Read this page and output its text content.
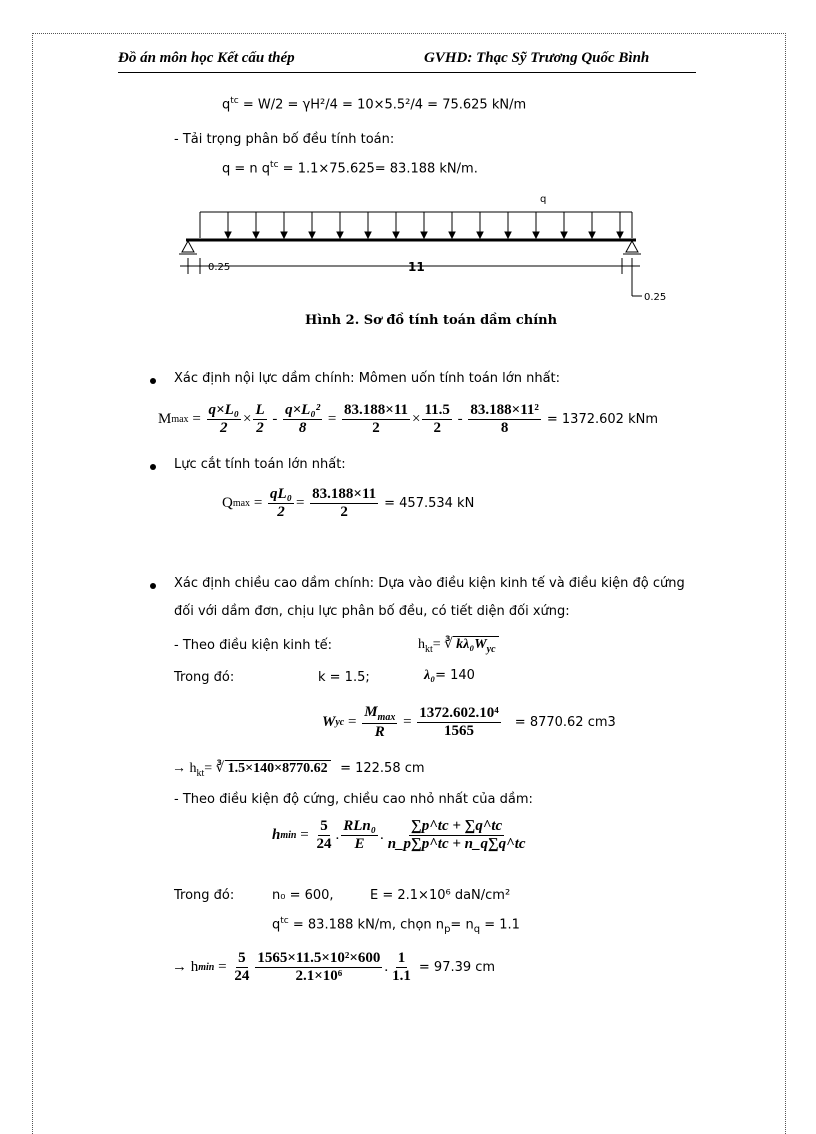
Đồ án môn học Kết cấu thép	GVHD: Thạc Sỹ Trương Quốc Bình
$q^{tc} = W/2 = \gamma H^2/4 = 10\times 5.5^2/4 = 75.625$ kN/m
- Tải trọng phân bố đều tính toán:
q = n $q^{tc} = 1.1\times 75.625= 83.188$ kN/m.
q
0.25	11
0.25
Hình 2. Sơ đồ tính toán dầm chính
Xác định nội lực dầm chính: Mômen uốn tính toán lớn nhất:
M $\max = \frac{\text{q×L₀}}{2} \times \frac{L}{2} - \frac{\text{q×L₀²}}{8} = \frac{83.188\times 11}{2} \times \frac{11.5}{2} - \frac{\text{83.188×11²}}{8} = 1372.602$ kNm
Lực cắt tính toán lớn nhất:
Q $\max = \frac{\text{qL₀}}{2} = \frac{83.188\times 11}{2} = 457.534$ kN
Xác định chiều cao dầm chính: Dựa vào điều kiện kinh tế và điều kiện độ cứng
đối với dầm đơn, chịu lực phân bố đều, có tiết diện đối xứng:
- Theo điều kiện kinh tế:	$h_{kt}=$ ∛ $k\lambda_0W_{yc}$
Trong đó:	k = 1.5;	λ₀= 140
W yc = $\frac{M_{max}}{R} = \frac{\text{1372.602.10⁴}}{1565} = 8770.62$ cm3
→ $h_{kt}=$ ∛ 1.5×140×8770.62 = 122.58 cm
- Theo điều kiện độ cứng, chiều cao nhỏ nhất của dầm:
h $\min = \frac{5}{24}$ . $\frac{\text{RLn₀}}{E}$ . $\frac{\sum p\^{}tc + \sum q\^{}tc}{n\_p\sum p\^{}tc + n\_q\sum q\^{}tc}$
Trong đó:	n₀ = 600,	E = 2.1×10⁶ daN/cm²
$q^{tc} = 83.188$ kN/m, chọn $n_p= n_q = 1.1$
→ h $\min = \frac{5}{24} \frac{\text{1565×11.5×10²×600}}{\text{2.1×10⁶}}$ . $\frac{1}{1.1} = 97.39$ cm
